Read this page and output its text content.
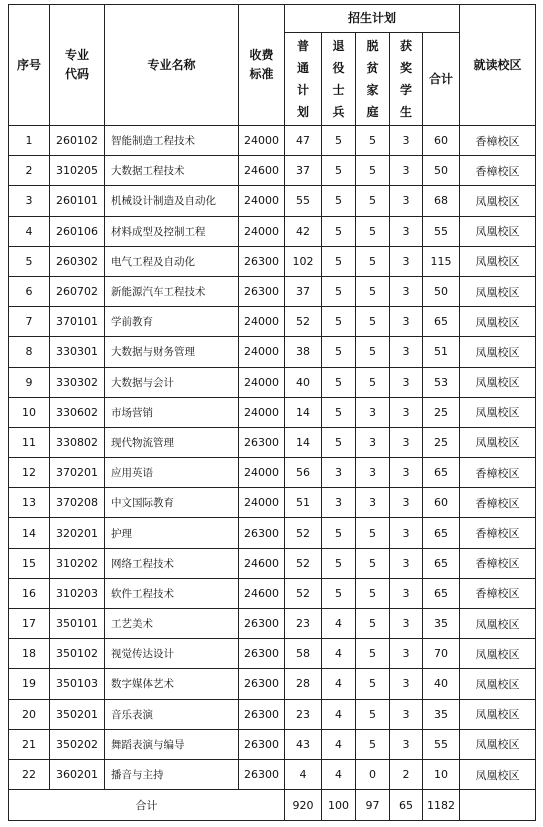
序号	专业代码	专业名称	收费标准	招生计划					就读校区

				普通计划	退役士兵	脱贫家庭	获奖学生	合计	
1	260102	智能制造工程技术	24000	47	5	5	3	60	香樟校区
2	310205	大数据工程技术	24600	37	5	5	3	50	香樟校区
3	260101	机械设计制造及自动化	24000	55	5	5	3	68	凤凰校区
4	260106	材料成型及控制工程	24000	42	5	5	3	55	凤凰校区
5	260302	电气工程及自动化	26300	102	5	5	3	115	凤凰校区
6	260702	新能源汽车工程技术	26300	37	5	5	3	50	凤凰校区
7	370101	学前教育	24000	52	5	5	3	65	凤凰校区
8	330301	大数据与财务管理	24000	38	5	5	3	51	凤凰校区
9	330302	大数据与会计	24000	40	5	5	3	53	凤凰校区
10	330602	市场营销	24000	14	5	3	3	25	凤凰校区
11	330802	现代物流管理	26300	14	5	3	3	25	凤凰校区
12	370201	应用英语	24000	56	3	3	3	65	香樟校区
13	370208	中文国际教育	24000	51	3	3	3	60	香樟校区
14	320201	护理	26300	52	5	5	3	65	香樟校区
15	310202	网络工程技术	24600	52	5	5	3	65	香樟校区
16	310203	软件工程技术	24600	52	5	5	3	65	香樟校区
17	350101	工艺美术	26300	23	4	5	3	35	凤凰校区
18	350102	视觉传达设计	26300	58	4	5	3	70	凤凰校区
19	350103	数字媒体艺术	26300	28	4	5	3	40	凤凰校区
20	350201	音乐表演	26300	23	4	5	3	35	凤凰校区
21	350202	舞蹈表演与编导	26300	43	4	5	3	55	凤凰校区
22	360201	播音与主持	26300	4	4	0	2	10	凤凰校区
合计				920	100	97	65	1182	
